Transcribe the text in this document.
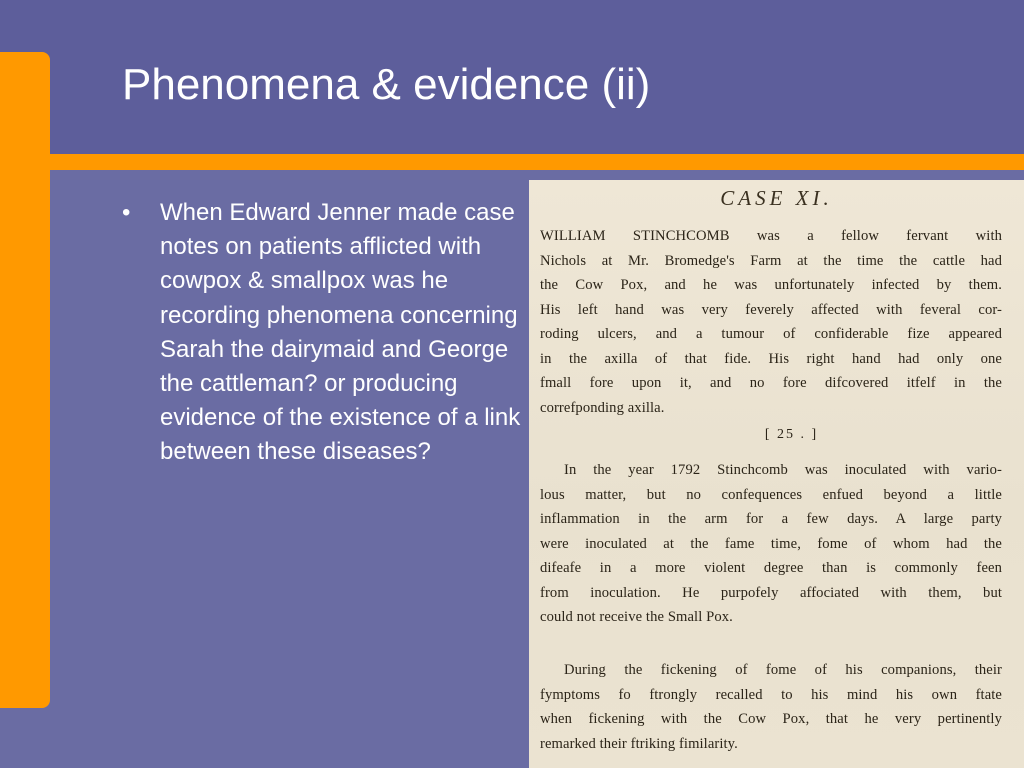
Phenomena & evidence (ii)
•	When Edward Jenner made case notes on patients afflicted with cowpox & smallpox was he recording phenomena concerning Sarah the dairymaid and George the cattleman? or producing evidence of the existence of a link between these diseases?
CASE XI.
WILLIAM STINCHCOMB was a fellow fervant with
Nichols at Mr. Bromedge's Farm at the time the cattle had
the Cow Pox, and he was unfortunately infected by them.
His left hand was very feverely affected with feveral cor-
roding ulcers, and a tumour of confiderable fize appeared
in the axilla of that fide. His right hand had only one
fmall fore upon it, and no fore difcovered itfelf in the
correfponding axilla.
[ 25 . ]
In the year 1792 Stinchcomb was inoculated with vario-
lous matter, but no confequences enfued beyond a little
inflammation in the arm for a few days. A large party
were inoculated at the fame time, fome of whom had the
difeafe in a more violent degree than is commonly feen
from inoculation. He purpofely affociated with them, but
could not receive the Small Pox.
During the fickening of fome of his companions, their
fymptoms fo ftrongly recalled to his mind his own ftate
when fickening with the Cow Pox, that he very pertinently
remarked their ftriking fimilarity.
